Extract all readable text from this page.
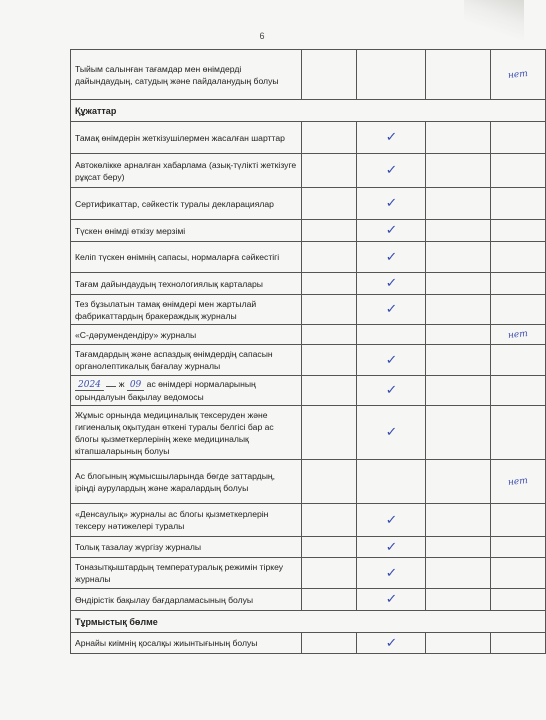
6
Тыйым салынған тағамдар мен өнімдерді дайындаудың, сатудың және пайдаланудың болуы				нет
Құжаттар				
Тамақ өнімдерін жеткізушілермен жасалған шарттар		✓		
Автокөлікке арналған хабарлама (азық-түлікті жеткізуге рұқсат беру)		✓		
Сертификаттар, сәйкестік туралы декларациялар		✓		
Түскен өнімді өткізу мерзімі		✓		
Келіп түскен өнімнің сапасы, нормаларға сәйкестігі		✓		
Тағам дайындаудың технологиялық карталары		✓		
Тез бұзылатын тамақ өнімдері мен жартылай фабрикаттардың бракераждық журналы		✓		
«С-дәрумендендіру» журналы				нет
Тағамдардың және аспаздық өнімдердің сапасын органолептикалық бағалау журналы		✓		
2024 ж 09 ас өнімдері нормаларының орындалуын бақылау ведомосы		✓		
Жұмыс орнында медициналық тексеруден және гигиеналық оқытудан өткені туралы белгісі бар ас блогы қызметкерлерінің жеке медициналық кітапшаларының болуы		✓		
Ас блогының жұмысшыларында бөгде заттардың, іріңді аурулардың және жаралардың болуы				нет
«Денсаулық» журналы ас блогы қызметкерлерін тексеру нәтижелері туралы		✓		
Толық тазалау жүргізу журналы		✓		
Тоназытқыштардың температуралық режимін тіркеу журналы		✓		
Өндірістік бақылау бағдарламасының болуы		✓		
Тұрмыстық бөлме				
Арнайы киімнің қосалқы жиынтығының болуы		✓		
